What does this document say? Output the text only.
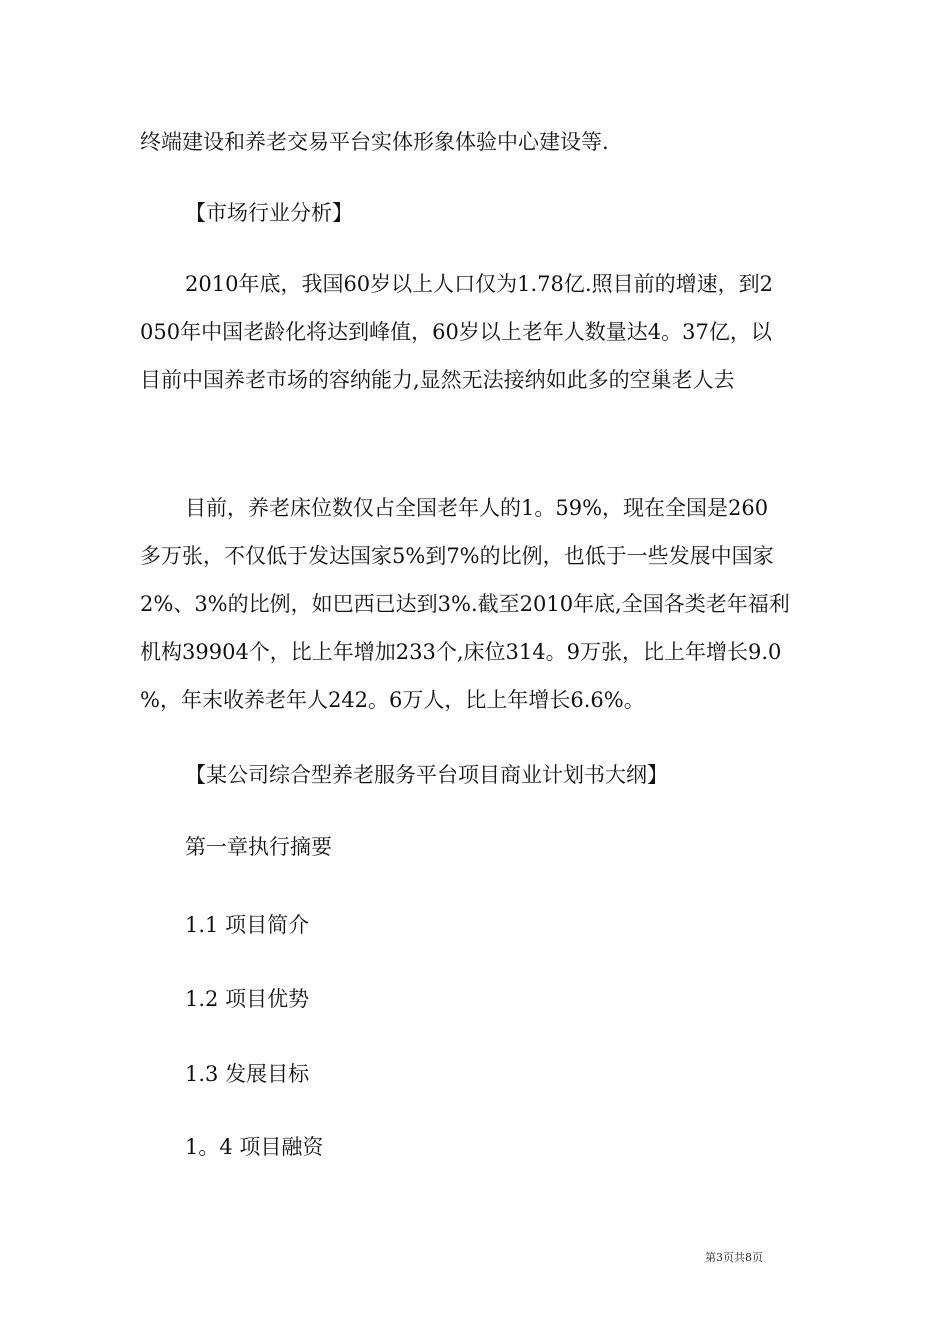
终端建设和养老交易平台实体形象体验中心建设等.

【市场行业分析】

2010年底，我国60岁以上人口仅为1.78亿.照目前的增速，到2

050年中国老龄化将达到峰值，60岁以上老年人数量达4。37亿，以

目前中国养老市场的容纳能力,显然无法接纳如此多的空巢老人去

目前，养老床位数仅占全国老年人的1。59%，现在全国是260

多万张，不仅低于发达国家5%到7%的比例，也低于一些发展中国家

2%、3%的比例，如巴西已达到3%.截至2010年底,全国各类老年福利

机构39904个，比上年增加233个,床位314。9万张，比上年增长9.0

%，年末收养老年人242。6万人，比上年增长6.6%。

【某公司综合型养老服务平台项目商业计划书大纲】

第一章执行摘要

1.1 项目简介

1.2 项目优势

1.3 发展目标

1。4 项目融资

第3页共8页
